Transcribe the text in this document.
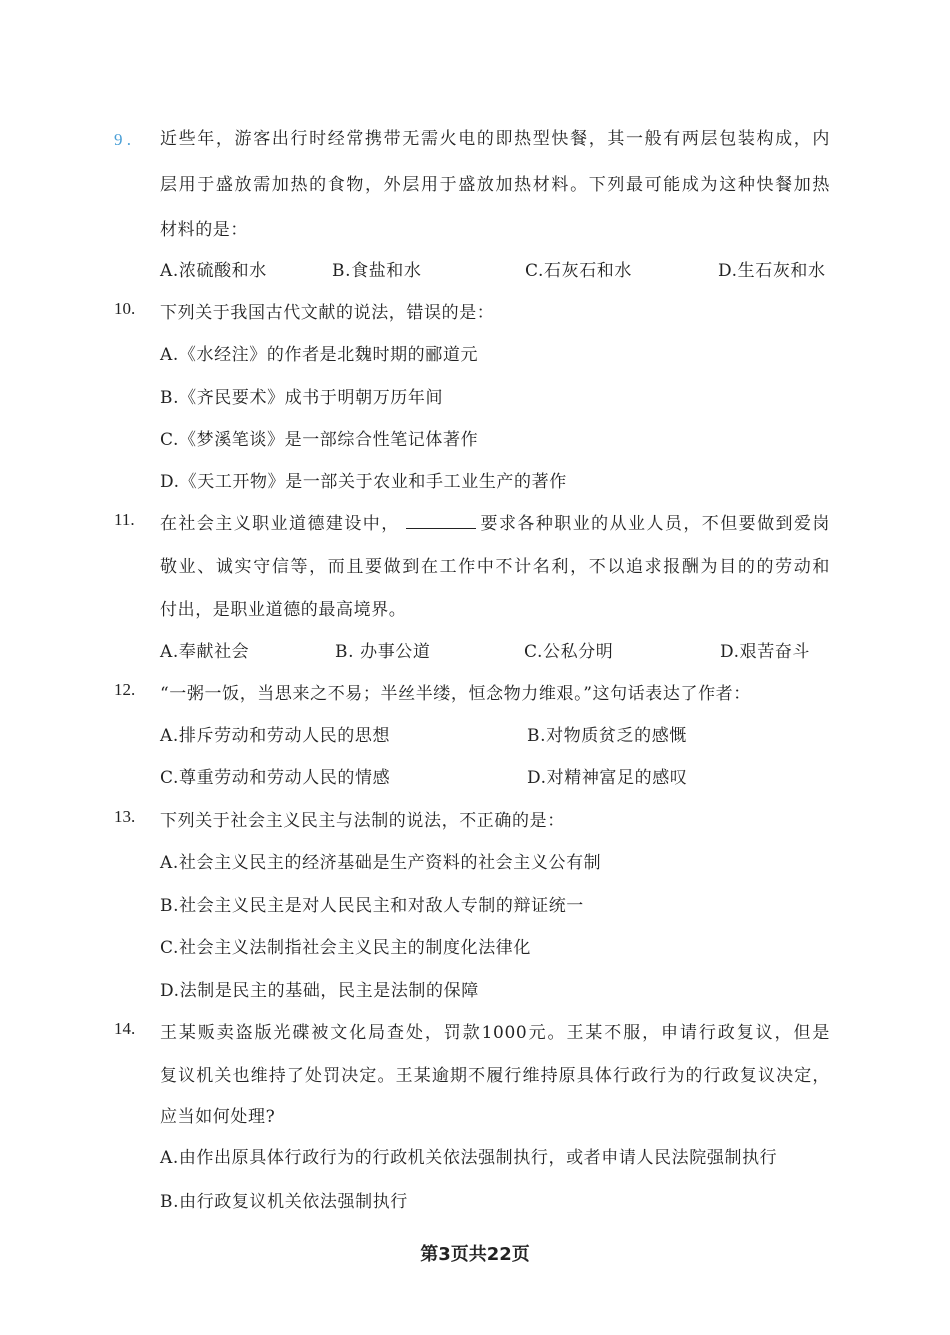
9 . 近些年，游客出行时经常携带无需火电的即热型快餐，其一般有两层包装构成，内
层用于盛放需加热的食物，外层用于盛放加热材料。下列最可能成为这种快餐加热
材料的是：
A.浓硫酸和水	B.食盐和水	C.石灰石和水	D.生石灰和水
10. 下列关于我国古代文献的说法，错误的是：
A.《水经注》的作者是北魏时期的郦道元
B.《齐民要术》成书于明朝万历年间
C.《梦溪笔谈》是一部综合性笔记体著作
D.《天工开物》是一部关于农业和手工业生产的著作
11. 在社会主义职业道德建设中，	要求各种职业的从业人员，不但要做到爱岗
敬业、诚实守信等，而且要做到在工作中不计名利，不以追求报酬为目的的劳动和
付出，是职业道德的最高境界。
A.奉献社会	B. 办事公道	C.公私分明	D.艰苦奋斗
12. “一粥一饭，当思来之不易；半丝半缕，恒念物力维艰。”这句话表达了作者：
A.排斥劳动和劳动人民的思想	B.对物质贫乏的感慨
C.尊重劳动和劳动人民的情感	D.对精神富足的感叹
13. 下列关于社会主义民主与法制的说法，不正确的是：
A.社会主义民主的经济基础是生产资料的社会主义公有制
B.社会主义民主是对人民民主和对敌人专制的辩证统一
C.社会主义法制指社会主义民主的制度化法律化
D.法制是民主的基础，民主是法制的保障
14. 王某贩卖盗版光碟被文化局查处，罚款1000元。王某不服，申请行政复议，但是
复议机关也维持了处罚决定。王某逾期不履行维持原具体行政行为的行政复议决定，
应当如何处理?
A.由作出原具体行政行为的行政机关依法强制执行，或者申请人民法院强制执行
B.由行政复议机关依法强制执行
第3页共22页
